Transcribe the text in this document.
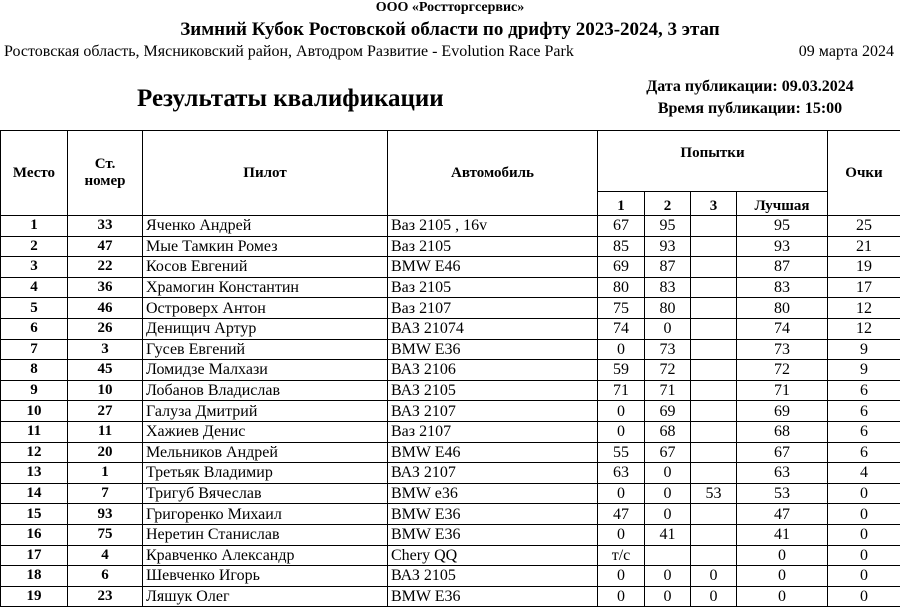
ООО «Ростторгсервис»
Зимний Кубок Ростовской области по дрифту 2023-2024, 3 этап
Ростовская область, Мясниковский район, Автодром Развитие - Evolution Race Park	09 марта 2024
Результаты квалификации	Дата публикации: 09.03.2024
Время публикации: 15:00
Место	Ст. номер	Пилот	Автомобиль	Попытки				Очки
				1	2	3	Лучшая	
1	33	Яченко Андрей	Ваз 2105 , 16v	67	95		95	25
2	47	Мые Тамкин Ромез	Ваз 2105	85	93		93	21
3	22	Косов Евгений	BMW E46	69	87		87	19
4	36	Храмогин Константин	Ваз 2105	80	83		83	17
5	46	Островерх Антон	Ваз 2107	75	80		80	12
6	26	Денищич Артур	ВАЗ 21074	74	0		74	12
7	3	Гусев Евгений	BMW E36	0	73		73	9
8	45	Ломидзе Малхази	ВАЗ 2106	59	72		72	9
9	10	Лобанов Владислав	ВАЗ 2105	71	71		71	6
10	27	Галуза Дмитрий	ВАЗ 2107	0	69		69	6
11	11	Хажиев Денис	Ваз 2107	0	68		68	6
12	20	Мельников Андрей	BMW E46	55	67		67	6
13	1	Третьяк Владимир	ВАЗ 2107	63	0		63	4
14	7	Тригуб Вячеслав	BMW e36	0	0	53	53	0
15	93	Григоренко Михаил	BMW E36	47	0		47	0
16	75	Неретин Станислав	BMW E36	0	41		41	0
17	4	Кравченко Александр	Chery QQ	т/с			0	0
18	6	Шевченко Игорь	ВАЗ 2105	0	0	0	0	0
19	23	Ляшук Олег	BMW E36	0	0	0	0	0
